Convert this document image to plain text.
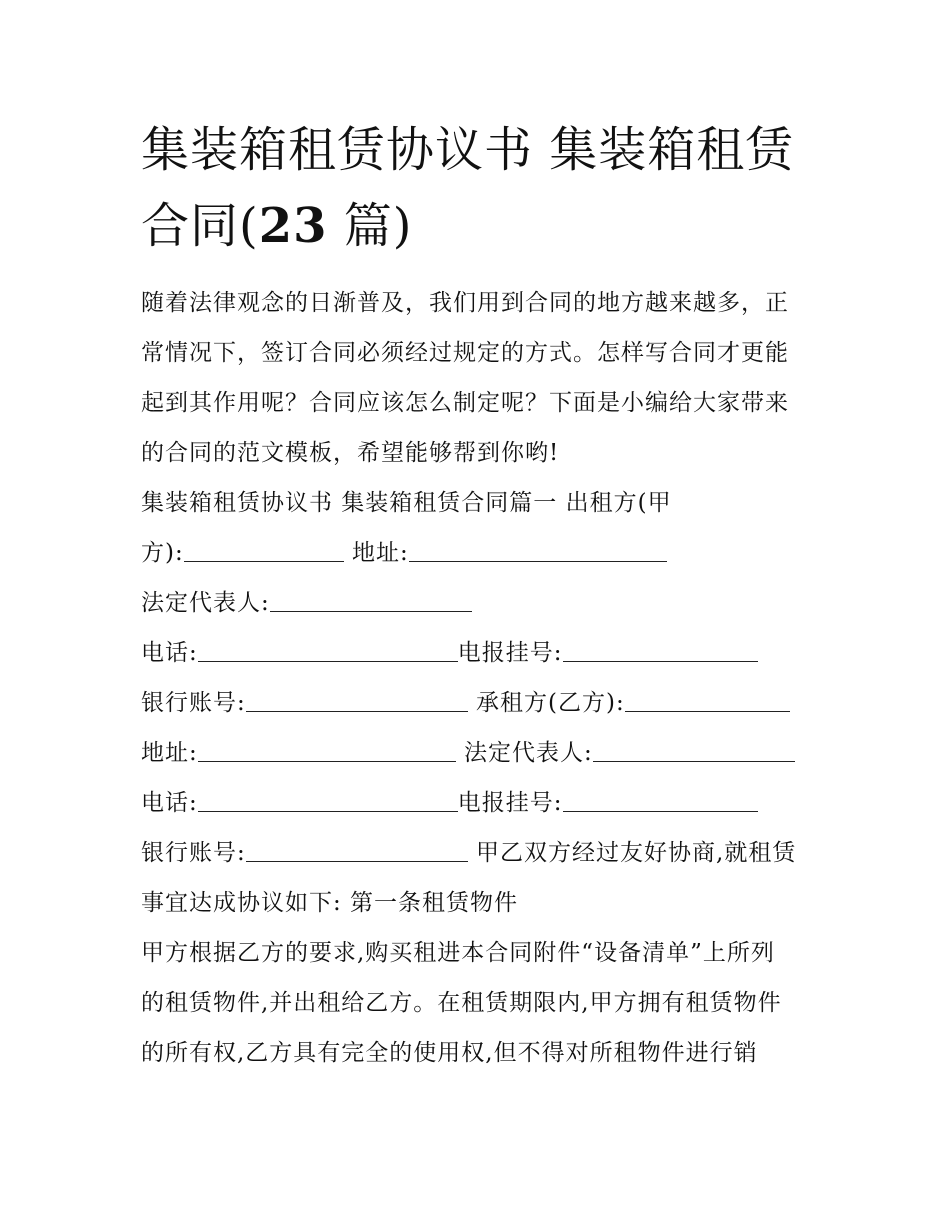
集装箱租赁协议书 集装箱租赁
合同(23 篇)
随着法律观念的日渐普及，我们用到合同的地方越来越多，正
常情况下，签订合同必须经过规定的方式。怎样写合同才更能
起到其作用呢？合同应该怎么制定呢？下面是小编给大家带来
的合同的范文模板，希望能够帮到你哟!
集装箱租赁协议书 集装箱租赁合同篇一 出租方(甲
方):	地址:
法定代表人:
电话:	电报挂号:
银行账号:	承租方(乙方):
地址:	法定代表人:
电话:	电报挂号:
银行账号:	甲乙双方经过友好协商,就租赁
事宜达成协议如下: 第一条租赁物件
甲方根据乙方的要求,购买租进本合同附件“设备清单”上所列
的租赁物件,并出租给乙方。在租赁期限内,甲方拥有租赁物件
的所有权,乙方具有完全的使用权,但不得对所租物件进行销
